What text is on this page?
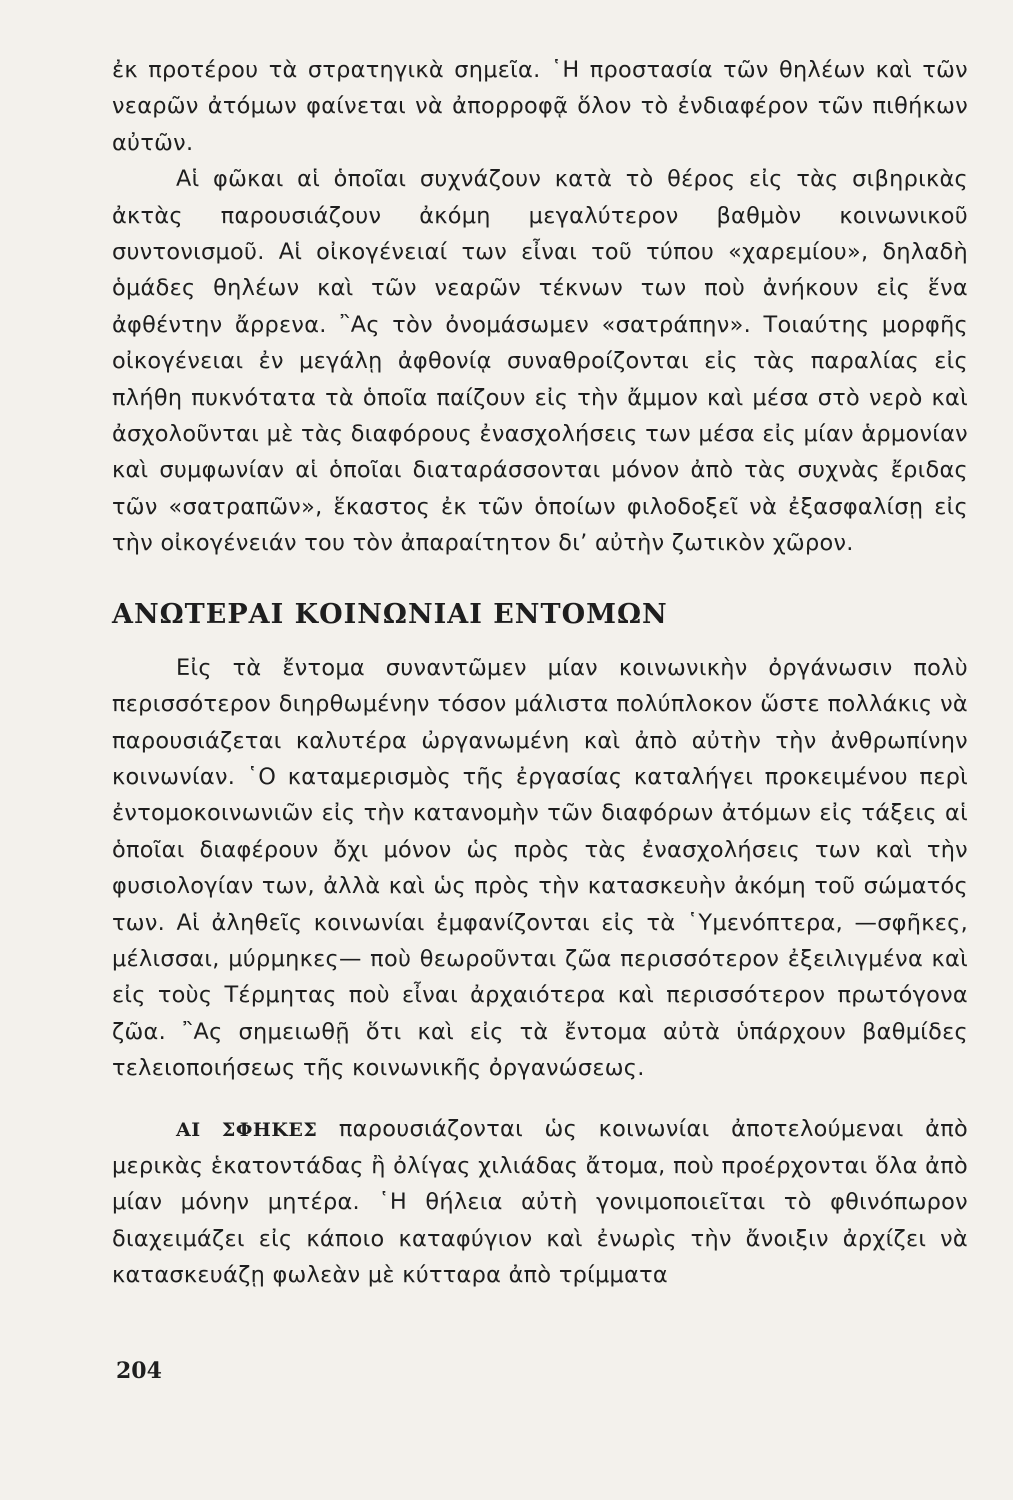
ἐκ προτέρου τὰ στρατηγικὰ σημεῖα. ῾Η προστασία τῶν θηλέων καὶ τῶν νεαρῶν ἀτόμων φαίνεται νὰ ἀπορροφᾷ ὅλον τὸ ἐνδιαφέρον τῶν πιθήκων αὐτῶν.

Αἱ φῶκαι αἱ ὁποῖαι συχνάζουν κατὰ τὸ θέρος εἰς τὰς σιβηρικὰς ἀκτὰς παρουσιάζουν ἀκόμη μεγαλύτερον βαθμὸν κοινωνικοῦ συντονισμοῦ. Αἱ οἰκογένειαί των εἶναι τοῦ τύπου «χαρεμίου», δηλαδὴ ὁμάδες θηλέων καὶ τῶν νεαρῶν τέκνων των ποὺ ἀνήκουν εἰς ἕνα ἀφθέντην ἄρρενα. ῍Ας τὸν ὀνομάσωμεν «σατράπην». Τοιαύτης μορφῆς οἰκογένειαι ἐν μεγάλῃ ἀφθονίᾳ συναθροίζονται εἰς τὰς παραλίας εἰς πλήθη πυκνότατα τὰ ὁποῖα παίζουν εἰς τὴν ἄμμον καὶ μέσα στὸ νερὸ καὶ ἀσχολοῦνται μὲ τὰς διαφόρους ἐνασχολήσεις των μέσα εἰς μίαν ἁρμονίαν καὶ συμφωνίαν αἱ ὁποῖαι διαταράσσονται μόνον ἀπὸ τὰς συχνὰς ἔριδας τῶν «σατραπῶν», ἕκαστος ἐκ τῶν ὁποίων φιλοδοξεῖ νὰ ἐξασφαλίσῃ εἰς τὴν οἰκογένειάν του τὸν ἀπαραίτητον δι’ αὐτὴν ζωτικὸν χῶρον.

ΑΝΩΤΕΡΑΙ ΚΟΙΝΩΝΙΑΙ ΕΝΤΟΜΩΝ

Εἰς τὰ ἔντομα συναντῶμεν μίαν κοινωνικὴν ὀργάνωσιν πολὺ περισσότερον διηρθωμένην τόσον μάλιστα πολύπλοκον ὥστε πολλάκις νὰ παρουσιάζεται καλυτέρα ὠργανωμένη καὶ ἀπὸ αὐτὴν τὴν ἀνθρωπίνην κοινωνίαν. ῾Ο καταμερισμὸς τῆς ἐργασίας καταλήγει προκειμένου περὶ ἐντομοκοινωνιῶν εἰς τὴν κατανομὴν τῶν διαφόρων ἀτόμων εἰς τάξεις αἱ ὁποῖαι διαφέρουν ὄχι μόνον ὡς πρὸς τὰς ἐνασχολήσεις των καὶ τὴν φυσιολογίαν των, ἀλλὰ καὶ ὡς πρὸς τὴν κατασκευὴν ἀκόμη τοῦ σώματός των. Αἱ ἀληθεῖς κοινωνίαι ἐμφανίζονται εἰς τὰ ῾Υμενόπτερα, —σφῆκες, μέλισσαι, μύρμηκες— ποὺ θεωροῦνται ζῶα περισσότερον ἐξειλιγμένα καὶ εἰς τοὺς Τέρμητας ποὺ εἶναι ἀρχαιότερα καὶ περισσότερον πρωτόγονα ζῶα. ῍Ας σημειωθῇ ὅτι καὶ εἰς τὰ ἔντομα αὐτὰ ὑπάρχουν βαθμίδες τελειοποιήσεως τῆς κοινωνικῆς ὀργανώσεως.

ΑΙ ΣΦΗΚΕΣ παρουσιάζονται ὡς κοινωνίαι ἀποτελούμεναι ἀπὸ μερικὰς ἑκατοντάδας ἢ ὀλίγας χιλιάδας ἄτομα, ποὺ προέρχονται ὅλα ἀπὸ μίαν μόνην μητέρα. ῾Η θήλεια αὐτὴ γονιμοποιεῖται τὸ φθινόπωρον διαχειμάζει εἰς κάποιο καταφύγιον καὶ ἐνωρὶς τὴν ἄνοιξιν ἀρχίζει νὰ κατασκευάζῃ φωλεὰν μὲ κύτταρα ἀπὸ τρίμματα

204
